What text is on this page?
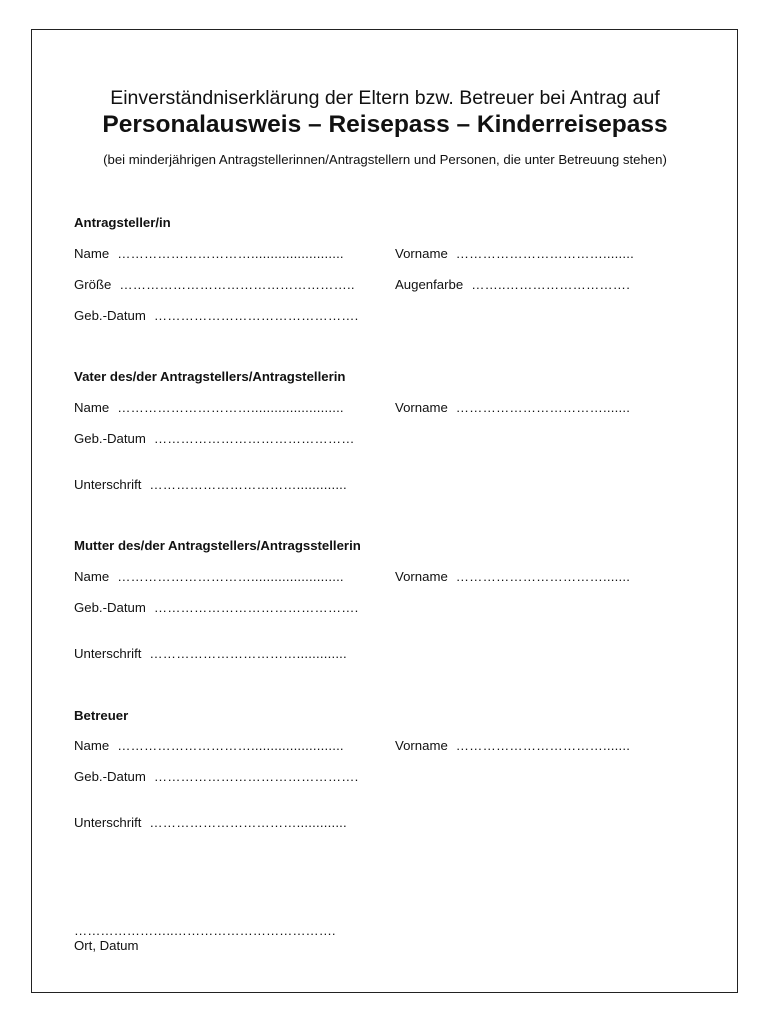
Einverständniserklärung der Eltern bzw. Betreuer bei Antrag auf
Personalausweis – Reisepass – Kinderreisepass
(bei minderjährigen Antragstellerinnen/Antragstellern und Personen, die unter Betreuung stehen)
Antragsteller/in
Name …………………………........................	Vorname ……………………………........
Größe ……………………………………………..	Augenfarbe ……..……………………….
Geb.-Datum ……………………………………….
Vater des/der Antragstellers/Antragstellerin
Name …………………………........................	Vorname …………………………….......
Geb.-Datum ………………………………………
Unterschrift …………………………….............
Mutter des/der Antragstellers/Antragsstellerin
Name …………………………........................	Vorname …………………………….......
Geb.-Datum ……………………………………….
Unterschrift …………………………….............
Betreuer
Name …………………………........................	Vorname …………………………….......
Geb.-Datum ……………………………………….
Unterschrift …………………………….............
…………………..……………………………….
Ort, Datum
